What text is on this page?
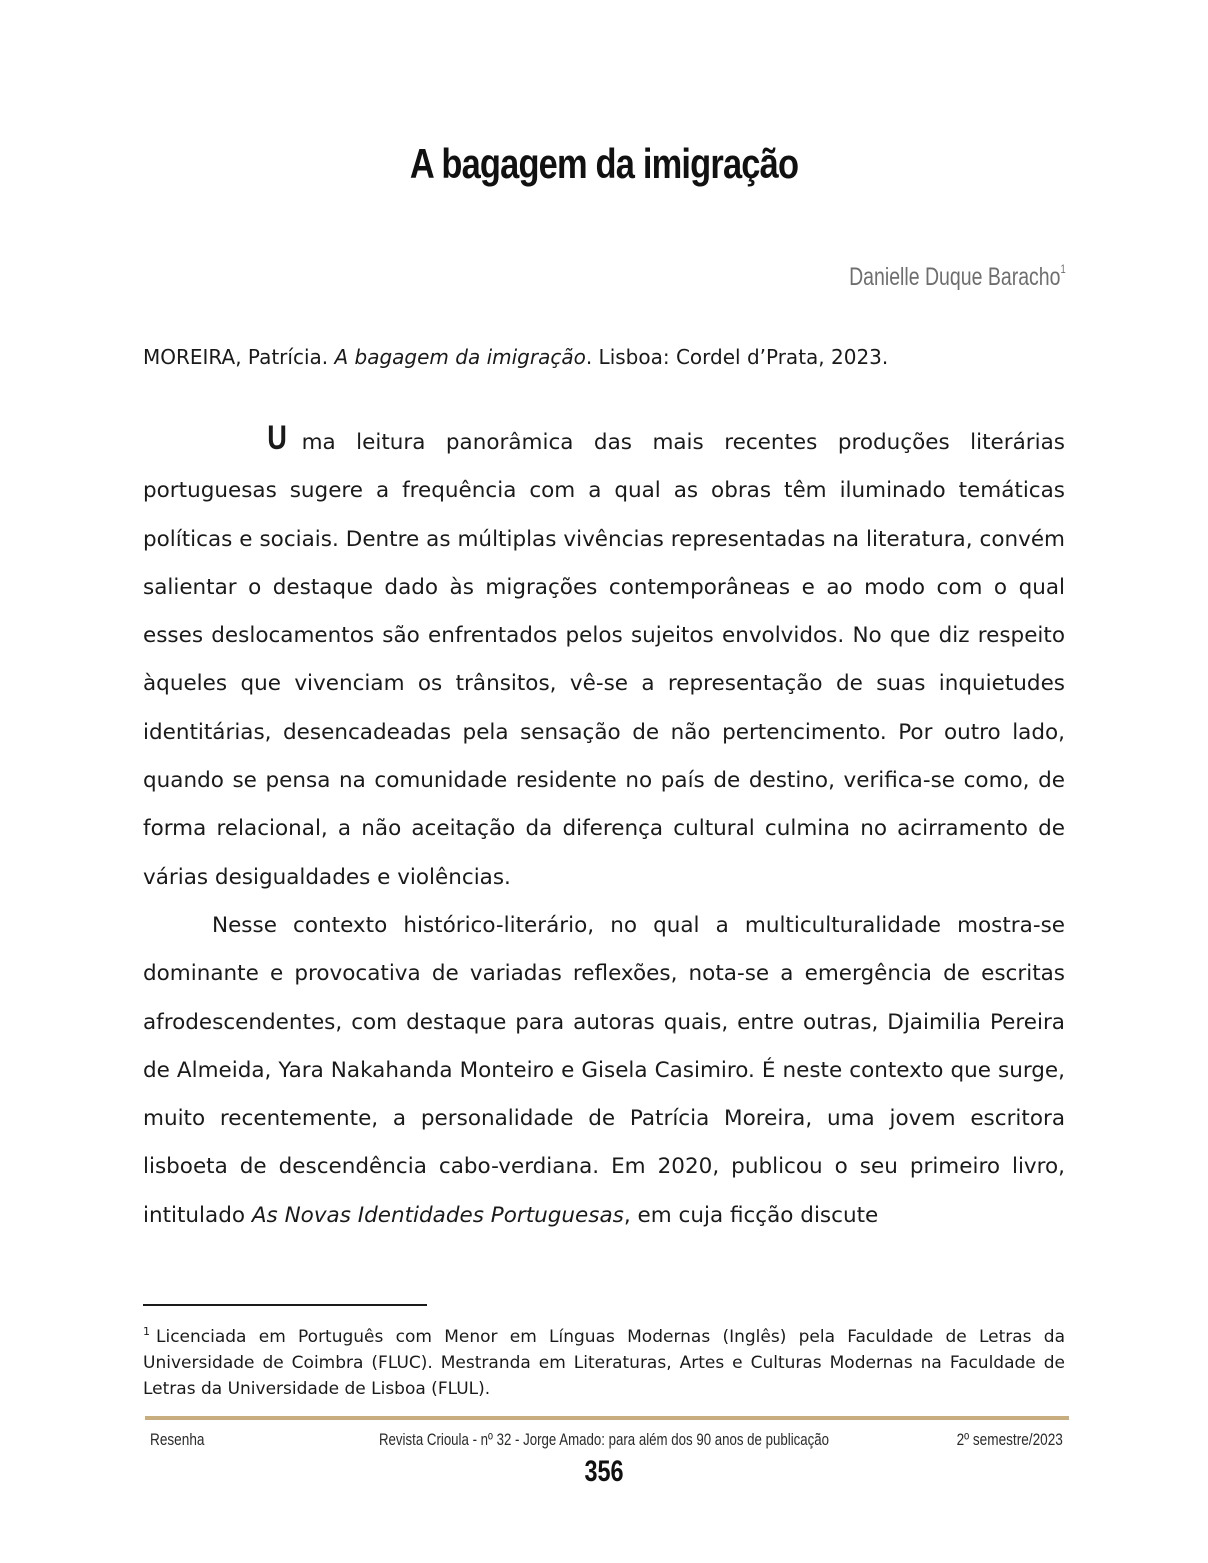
A bagagem da imigração
Danielle Duque Baracho$^1$
MOREIRA, Patrícia. A bagagem da imigração. Lisboa: Cordel d’Prata, 2023.

Uma leitura panorâmica das mais recentes produções literárias portuguesas sugere a frequência com a qual as obras têm iluminado temáticas políticas e sociais. Dentre as múltiplas vivências representadas na literatura, convém salientar o destaque dado às migrações contemporâneas e ao modo com o qual esses deslocamentos são enfrentados pelos sujeitos envolvidos. No que diz respeito àqueles que vivenciam os trânsitos, vê-se a representação de suas inquietudes identitárias, desencadeadas pela sensação de não pertencimento. Por outro lado, quando se pensa na comunidade residente no país de destino, verifica-se como, de forma relacional, a não aceitação da diferença cultural culmina no acirramento de várias desigualdades e violências.

Nesse contexto histórico-literário, no qual a multiculturalidade mostra-se dominante e provocativa de variadas reflexões, nota-se a emergência de escritas afrodescendentes, com destaque para autoras quais, entre outras, Djaimilia Pereira de Almeida, Yara Nakahanda Monteiro e Gisela Casimiro. É neste contexto que surge, muito recentemente, a personalidade de Patrícia Moreira, uma jovem escritora lisboeta de descendência cabo-verdiana. Em 2020, publicou o seu primeiro livro, intitulado As Novas Identidades Portuguesas, em cuja ficção discute

$^1$ Licenciada em Português com Menor em Línguas Modernas (Inglês) pela Faculdade de Letras da Universidade de Coimbra (FLUC). Mestranda em Literaturas, Artes e Culturas Modernas na Faculdade de Letras da Universidade de Lisboa (FLUL).
Resenha	Revista Crioula - nº 32 - Jorge Amado: para além dos 90 anos de publicação	2º semestre/2023
356
